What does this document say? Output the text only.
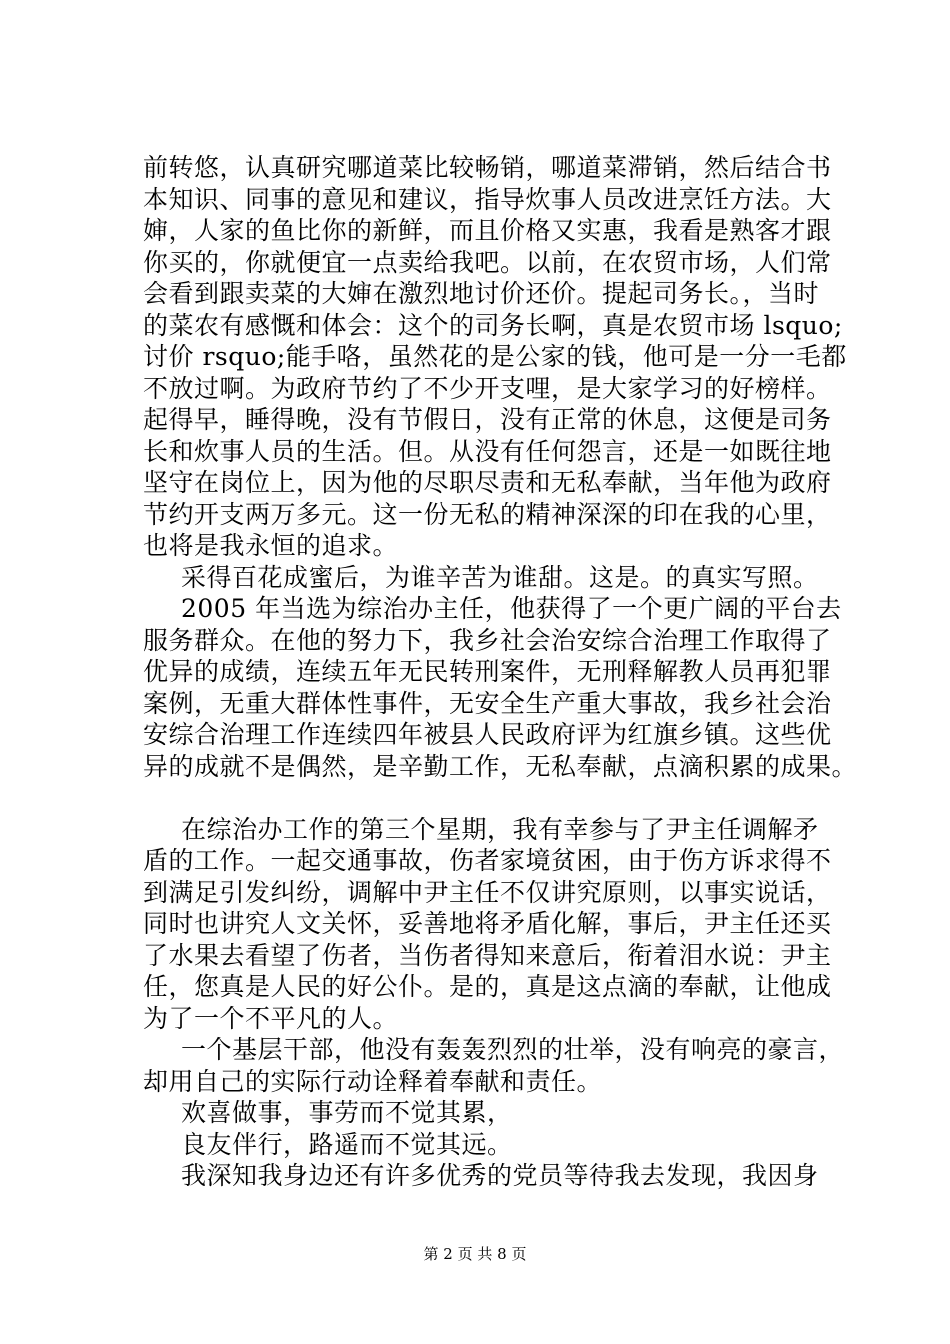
前转悠，认真研究哪道菜比较畅销，哪道菜滞销，然后结合书
本知识、同事的意见和建议，指导炊事人员改进烹饪方法。大
婶，人家的鱼比你的新鲜，而且价格又实惠，我看是熟客才跟
你买的，你就便宜一点卖给我吧。以前，在农贸市场，人们常
会看到跟卖菜的大婶在激烈地讨价还价。提起司务长。，当时
的菜农有感慨和体会：这个的司务长啊，真是农贸市场 lsquo;
讨价 rsquo;能手咯，虽然花的是公家的钱，他可是一分一毛都
不放过啊。为政府节约了不少开支哩，是大家学习的好榜样。
起得早，睡得晚，没有节假日，没有正常的休息，这便是司务
长和炊事人员的生活。但。从没有任何怨言，还是一如既往地
坚守在岗位上，因为他的尽职尽责和无私奉献，当年他为政府
节约开支两万多元。这一份无私的精神深深的印在我的心里，
也将是我永恒的追求。
采得百花成蜜后，为谁辛苦为谁甜。这是。的真实写照。
2005 年当选为综治办主任，他获得了一个更广阔的平台去
服务群众。在他的努力下，我乡社会治安综合治理工作取得了
优异的成绩，连续五年无民转刑案件，无刑释解教人员再犯罪
案例，无重大群体性事件，无安全生产重大事故，我乡社会治
安综合治理工作连续四年被县人民政府评为红旗乡镇。这些优
异的成就不是偶然，是辛勤工作，无私奉献，点滴积累的成果。
在综治办工作的第三个星期，我有幸参与了尹主任调解矛
盾的工作。一起交通事故，伤者家境贫困，由于伤方诉求得不
到满足引发纠纷，调解中尹主任不仅讲究原则，以事实说话，
同时也讲究人文关怀，妥善地将矛盾化解，事后，尹主任还买
了水果去看望了伤者，当伤者得知来意后，衔着泪水说：尹主
任，您真是人民的好公仆。是的，真是这点滴的奉献，让他成
为了一个不平凡的人。
一个基层干部，他没有轰轰烈烈的壮举，没有响亮的豪言，
却用自己的实际行动诠释着奉献和责任。
欢喜做事，事劳而不觉其累，
良友伴行，路遥而不觉其远。
我深知我身边还有许多优秀的党员等待我去发现，我因身
第 2 页 共 8 页
